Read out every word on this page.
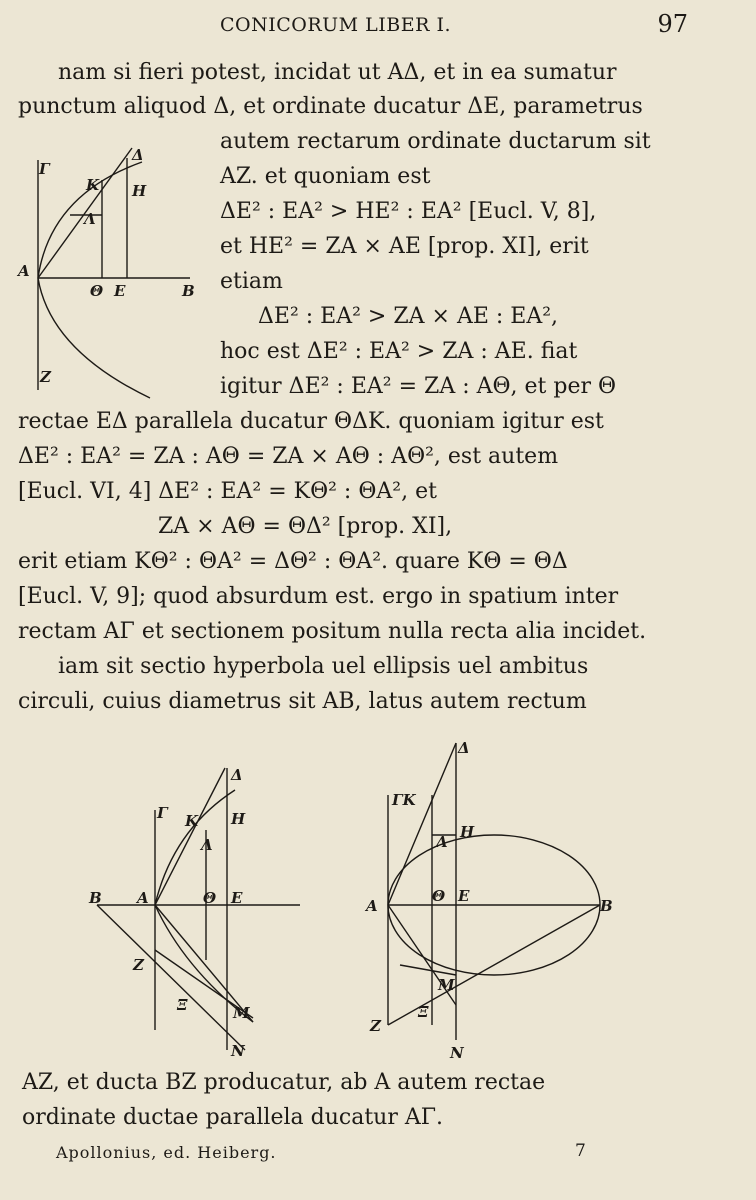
CONICORUM LIBER I.	97
nam si fieri potest, incidat ut AΔ, et in ea sumatur
punctum aliquod Δ, et ordinate ducatur ΔE, parametrus
autem rectarum ordinate ductarum sit
AZ. et quoniam est
ΔE² : EA² > HE² : EA² [Eucl. V, 8],
et HE² = ZA × AE [prop. XI], erit
etiam
ΔE² : EA² > ZA × AE : EA²,
hoc est ΔE² : EA² > ZA : AE. fiat
igitur ΔE² : EA² = ZA : AΘ, et per Θ
rectae EΔ parallela ducatur ΘΔK. quoniam igitur est
ΔE² : EA² = ZA : AΘ = ZA × AΘ : AΘ², est autem
[Eucl. VI, 4] ΔE² : EA² = KΘ² : ΘA², et
ZA × AΘ = ΘΔ² [prop. XI],
erit etiam KΘ² : ΘA² = ΔΘ² : ΘA². quare KΘ = ΘΔ
[Eucl. V, 9]; quod absurdum est. ergo in spatium inter
rectam AΓ et sectionem positum nulla recta alia incidet.
iam sit sectio hyperbola uel ellipsis uel ambitus
circuli, cuius diametrus sit AB, latus autem rectum
AZ, et ducta BZ producatur, ab A autem rectae
ordinate ductae parallela ducatur AΓ.
Γ
Δ
K H
Λ
A
Θ E	B
Z
Γ
Δ
K H
Λ
B A	Θ E
Z
Ξ	M
N
Δ
ΓK
Λ
H
A
Θ E
B
M
Ξ
Z
N
Apollonius, ed. Heiberg.	7
